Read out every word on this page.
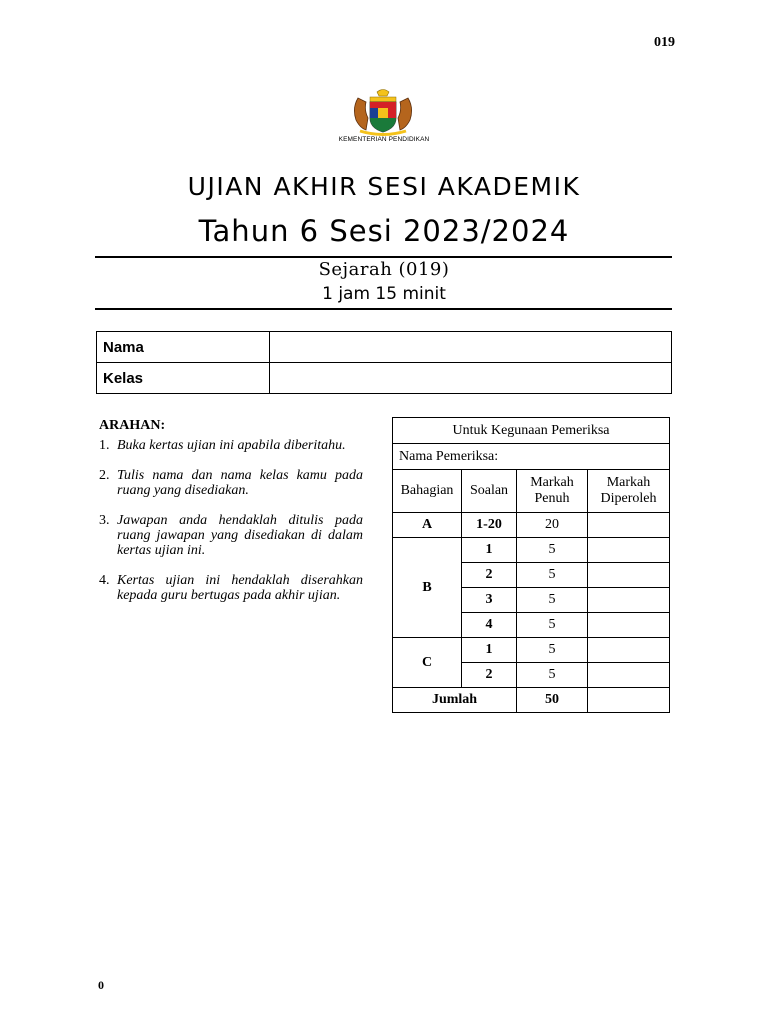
019
KEMENTERIAN PENDIDIKAN
UJIAN AKHIR SESI AKADEMIK
Tahun 6 Sesi 2023/2024
Sejarah (019)
1 jam 15 minit
Nama	
Kelas	
ARAHAN:
1. Buka kertas ujian ini apabila diberitahu.
2. Tulis nama dan nama kelas kamu pada ruang yang disediakan.
3. Jawapan anda hendaklah ditulis pada ruang jawapan yang disediakan di dalam kertas ujian ini.
4. Kertas ujian ini hendaklah diserahkan kepada guru bertugas pada akhir ujian.
Untuk Kegunaan Pemeriksa			
Nama Pemeriksa:			
Bahagian	Soalan	Markah Penuh	Markah Diperoleh
A	1-20	20	
B	1	5	
	2	5	
	3	5	
	4	5	
C	1	5	
	2	5	
Jumlah		50	
0
